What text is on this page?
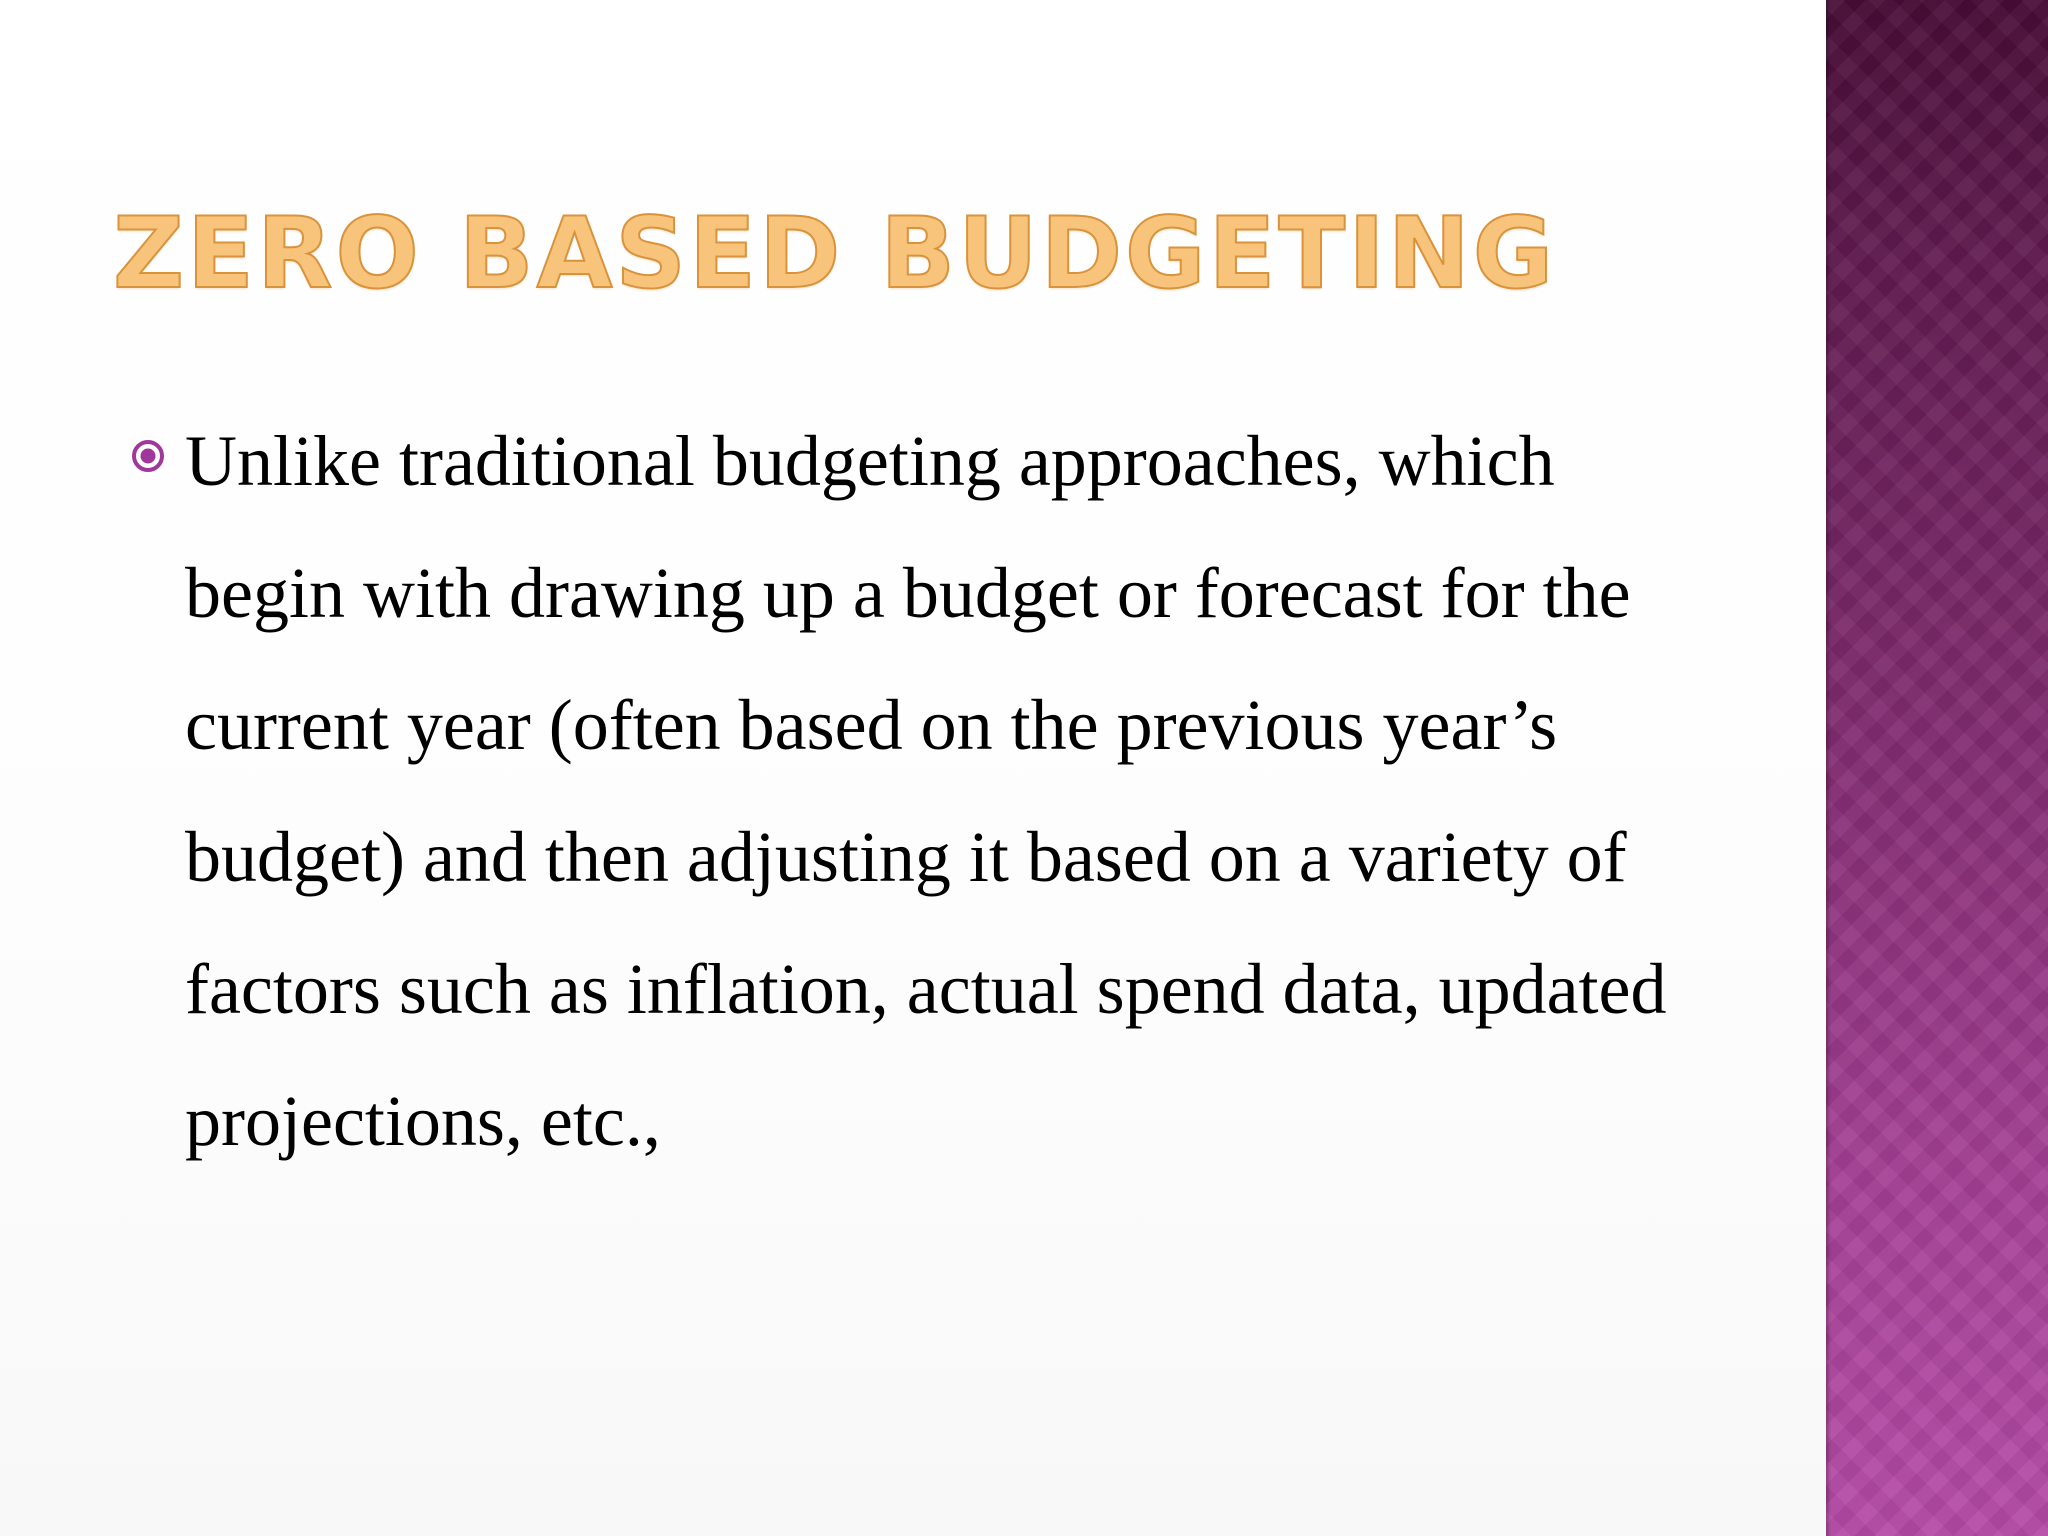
ZERO BASED BUDGETING

Unlike traditional budgeting approaches, which begin with drawing up a budget or forecast for the current year (often based on the previous year’s budget) and then adjusting it based on a variety of factors such as inflation, actual spend data, updated projections, etc.,
